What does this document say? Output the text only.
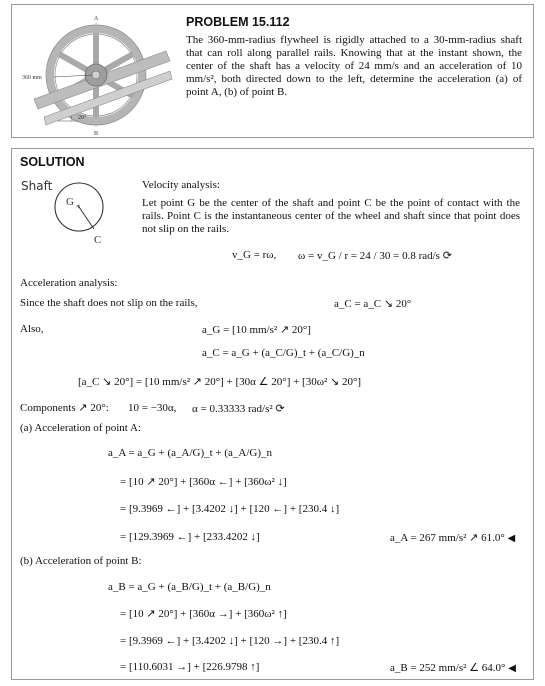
360 mm
A
B
20°
PROBLEM 15.112
The 360-mm-radius flywheel is rigidly attached to a 30-mm-radius shaft that can roll along parallel rails. Knowing that at the instant shown, the center of the shaft has a velocity of 24 mm/s and an acceleration of 10 mm/s², both directed down to the left, determine the acceleration (a) of point A, (b) of point B.
SOLUTION
Shaft
G *
C
Velocity analysis:
Let point G be the center of the shaft and point C be the point of contact with the rails. Point C is the instantaneous center of the wheel and shaft since that point does not slip on the rails.
v_G = rω, ω = v_G / r = 24 / 30 = 0.8 rad/s ⟳
Acceleration analysis:
Since the shaft does not slip on the rails,	a_C = a_C ↘ 20°
Also,	a_G = [10 mm/s² ↗ 20°]
a_C = a_G + (a_C/G)_t + (a_C/G)_n
[a_C ↘ 20°] = [10 mm/s² ↗ 20°] + [30α ∠ 20°] + [30ω² ↘ 20°]
Components ↗ 20°: 10 = −30α, α = 0.33333 rad/s² ⟳
(a) Acceleration of point A:
a_A = a_G + (a_A/G)_t + (a_A/G)_n
= [10 ↗ 20°] + [360α ←] + [360ω² ↓]
= [9.3969 ←] + [3.4202 ↓] + [120 ←] + [230.4 ↓]
= [129.3969 ←] + [233.4202 ↓]	a_A = 267 mm/s² ↗ 61.0° ◀
(b) Acceleration of point B:
a_B = a_G + (a_B/G)_t + (a_B/G)_n
= [10 ↗ 20°] + [360α →] + [360ω² ↑]
= [9.3969 ←] + [3.4202 ↓] + [120 →] + [230.4 ↑]
= [110.6031 →] + [226.9798 ↑]	a_B = 252 mm/s² ∠ 64.0° ◀
